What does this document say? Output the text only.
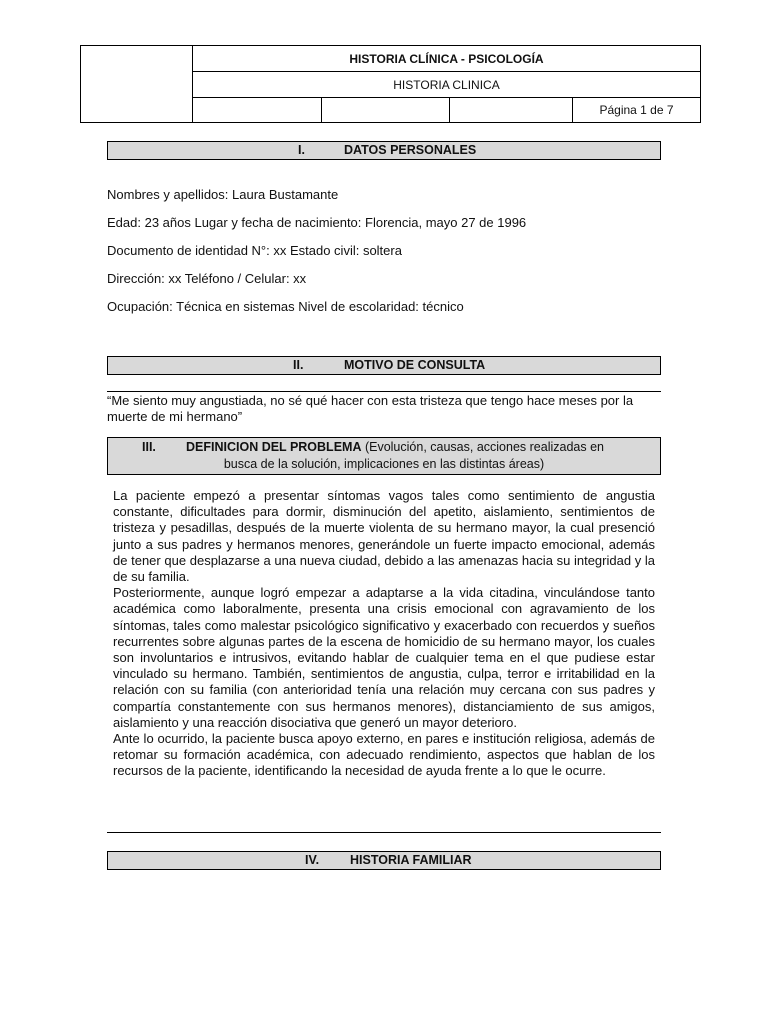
HISTORIA CLÍNICA - PSICOLOGÍA
HISTORIA CLINICA
Página 1 de 7
I.	DATOS PERSONALES
Nombres y apellidos: Laura Bustamante
Edad: 23 años Lugar y fecha de nacimiento: Florencia, mayo 27 de 1996
Documento de identidad N°: xx Estado civil: soltera
Dirección: xx Teléfono / Celular: xx
Ocupación: Técnica en sistemas Nivel de escolaridad: técnico
II.	MOTIVO DE CONSULTA
“Me siento muy angustiada, no sé qué hacer con esta tristeza que tengo hace meses por la muerte de mi hermano”
III. DEFINICION DEL PROBLEMA (Evolución, causas, acciones realizadas en
busca de la solución, implicaciones en las distintas áreas)

La paciente empezó a presentar síntomas vagos tales como sentimiento de angustia constante, dificultades para dormir, disminución del apetito, aislamiento, sentimientos de tristeza y pesadillas, después de la muerte violenta de su hermano mayor, la cual presenció junto a sus padres y hermanos menores, generándole un fuerte impacto emocional, además de tener que desplazarse a una nueva ciudad, debido a las amenazas hacia su integridad y la de su familia.

Posteriormente, aunque logró empezar a adaptarse a la vida citadina, vinculándose tanto académica como laboralmente, presenta una crisis emocional con agravamiento de los síntomas, tales como malestar psicológico significativo y exacerbado con recuerdos y sueños recurrentes sobre algunas partes de la escena de homicidio de su hermano mayor, los cuales son involuntarios e intrusivos, evitando hablar de cualquier tema en el que pudiese estar vinculado su hermano. También, sentimientos de angustia, culpa, terror e irritabilidad en la relación con su familia (con anterioridad tenía una relación muy cercana con sus padres y compartía constantemente con sus hermanos menores), distanciamiento de sus amigos, aislamiento y una reacción disociativa que generó un mayor deterioro.

Ante lo ocurrido, la paciente busca apoyo externo, en pares e institución religiosa, además de retomar su formación académica, con adecuado rendimiento, aspectos que hablan de los recursos de la paciente, identificando la necesidad de ayuda frente a lo que le ocurre.

IV. HISTORIA FAMILIAR
